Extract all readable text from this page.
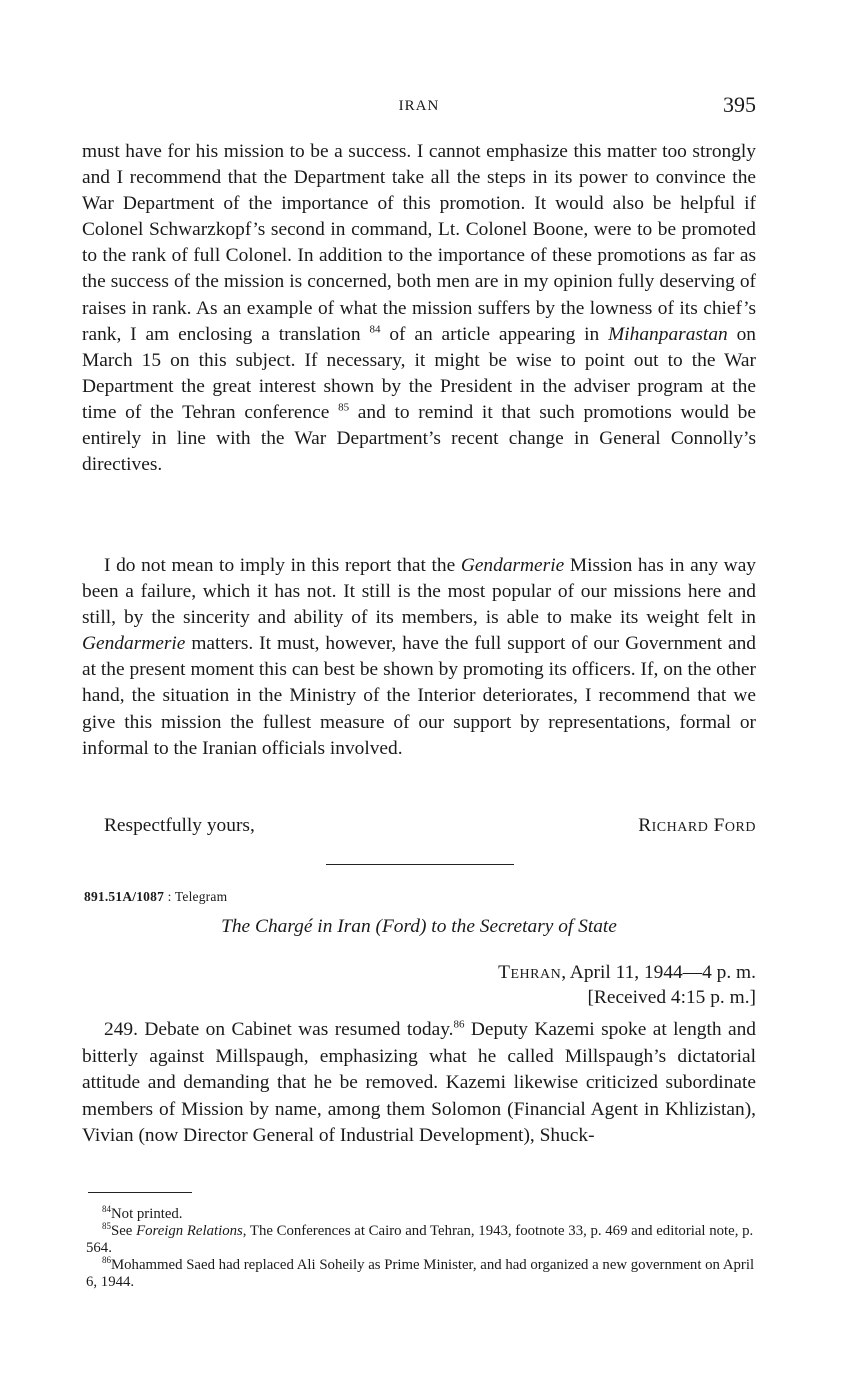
IRAN	395

must have for his mission to be a success. I cannot emphasize this matter too strongly and I recommend that the Department take all the steps in its power to convince the War Department of the importance of this promotion. It would also be helpful if Colonel Schwarzkopf’s second in command, Lt. Colonel Boone, were to be promoted to the rank of full Colonel. In addition to the importance of these promotions as far as the success of the mission is concerned, both men are in my opinion fully deserving of raises in rank. As an example of what the mission suffers by the lowness of its chief’s rank, I am enclosing a translation $^{84}$ of an article appearing in Mihanparastan on March 15 on this subject. If necessary, it might be wise to point out to the War Department the great interest shown by the President in the adviser program at the time of the Tehran conference $^{85}$ and to remind it that such promotions would be entirely in line with the War Department’s recent change in General Connolly’s directives.

I do not mean to imply in this report that the Gendarmerie Mission has in any way been a failure, which it has not. It still is the most popular of our missions here and still, by the sincerity and ability of its members, is able to make its weight felt in Gendarmerie matters. It must, however, have the full support of our Government and at the present moment this can best be shown by promoting its officers. If, on the other hand, the situation in the Ministry of the Interior deteriorates, I recommend that we give this mission the fullest measure of our support by representations, formal or informal to the Iranian officials involved.

Respectfully yours,	Richard Ford
891.51A/1087 : Telegram
The Chargé in Iran (Ford) to the Secretary of State
Tehran, April 11, 1944—4 p. m.
[Received 4:15 p. m.]

249. Debate on Cabinet was resumed today.$^{86}$ Deputy Kazemi spoke at length and bitterly against Millspaugh, emphasizing what he called Millspaugh’s dictatorial attitude and demanding that he be removed. Kazemi likewise criticized subordinate members of Mission by name, among them Solomon (Financial Agent in Khlizistan), Vivian (now Director General of Industrial Development), Shuck-

$^{84}$Not printed.

$^{85}$See Foreign Relations, The Conferences at Cairo and Tehran, 1943, footnote 33, p. 469 and editorial note, p. 564.

$^{86}$Mohammed Saed had replaced Ali Soheily as Prime Minister, and had organized a new government on April 6, 1944.
